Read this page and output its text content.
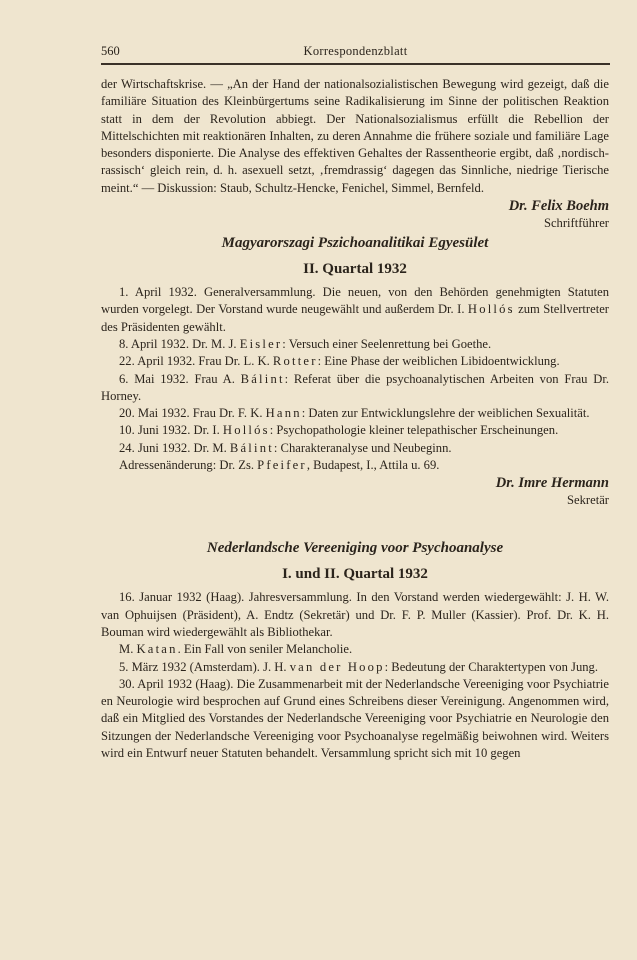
560	Korrespondenzblatt

der Wirtschaftskrise. — „An der Hand der nationalsozialistischen Bewegung wird gezeigt, daß die familiäre Situation des Kleinbürgertums seine Radikalisierung im Sinne der politischen Reaktion statt in dem der Revolution abbiegt. Der Nationalsozialismus erfüllt die Rebellion der Mittelschichten mit reaktionären Inhalten, zu deren Annahme die frühere soziale und familiäre Lage besonders disponierte. Die Analyse des effektiven Gehaltes der Rassentheorie ergibt, daß ‚nordisch-rassisch‘ gleich rein, d. h. asexuell setzt, ‚fremdrassig‘ dagegen das Sinnliche, niedrige Tierische meint.“ — Diskussion: Staub, Schultz-Hencke, Fenichel, Simmel, Bernfeld.

Dr. Felix Boehm
Schriftführer
Magyarorszagi Pszichoanalitikai Egyesület
II. Quartal 1932

1. April 1932. Generalversammlung. Die neuen, von den Behörden genehmigten Statuten wurden vorgelegt. Der Vorstand wurde neugewählt und außerdem Dr. I. Hollós zum Stellvertreter des Präsidenten gewählt.

8. April 1932. Dr. M. J. Eisler: Versuch einer Seelenrettung bei Goethe.

22. April 1932. Frau Dr. L. K. Rotter: Eine Phase der weiblichen Libidoentwicklung.

6. Mai 1932. Frau A. Bálint: Referat über die psychoanalytischen Arbeiten von Frau Dr. Horney.

20. Mai 1932. Frau Dr. F. K. Hann: Daten zur Entwicklungslehre der weiblichen Sexualität.

10. Juni 1932. Dr. I. Hollós: Psychopathologie kleiner telepathischer Erscheinungen.

24. Juni 1932. Dr. M. Bálint: Charakteranalyse und Neubeginn.

Adressenänderung: Dr. Zs. Pfeifer, Budapest, I., Attila u. 69.

Dr. Imre Hermann
Sekretär
Nederlandsche Vereeniging voor Psychoanalyse
I. und II. Quartal 1932

16. Januar 1932 (Haag). Jahresversammlung. In den Vorstand werden wiedergewählt: J. H. W. van Ophuijsen (Präsident), A. Endtz (Sekretär) und Dr. F. P. Muller (Kassier). Prof. Dr. K. H. Bouman wird wiedergewählt als Bibliothekar.

M. Katan. Ein Fall von seniler Melancholie.

5. März 1932 (Amsterdam). J. H. van der Hoop: Bedeutung der Charaktertypen von Jung.

30. April 1932 (Haag). Die Zusammenarbeit mit der Nederlandsche Vereeniging voor Psychiatrie en Neurologie wird besprochen auf Grund eines Schreibens dieser Vereinigung. Angenommen wird, daß ein Mitglied des Vorstandes der Nederlandsche Vereeniging voor Psychiatrie en Neurologie den Sitzungen der Nederlandsche Vereeniging voor Psychoanalyse regelmäßig beiwohnen wird. Weiters wird ein Entwurf neuer Statuten behandelt. Versammlung spricht sich mit 10 gegen
